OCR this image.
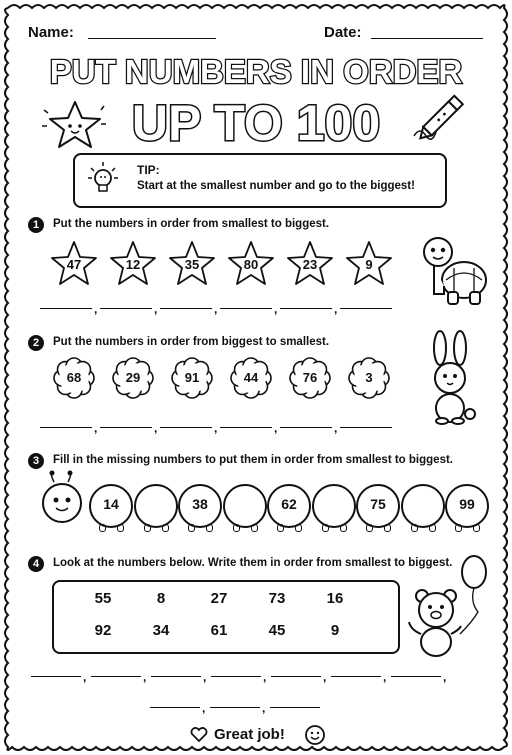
Name:	Date:
PUT NUMBERS IN ORDER
UP TO 100
TIP:
Start at the smallest number and go to the biggest!
1	Put the numbers in order from smallest to biggest.
2	Put the numbers in order from biggest to smallest.
3	Fill in the missing numbers to put them in order from smallest to biggest.
4	Look at the numbers below. Write them in order from smallest to biggest.
Great job!
47	12	35	80	23	9
,	,	,	,	,
68	29	91	44	76	3
,	,	,	,	,
14	38	62	75	99
55	8	27	73	16
92	34	61	45	9
,	,	,	,	,	,	,
,	,
